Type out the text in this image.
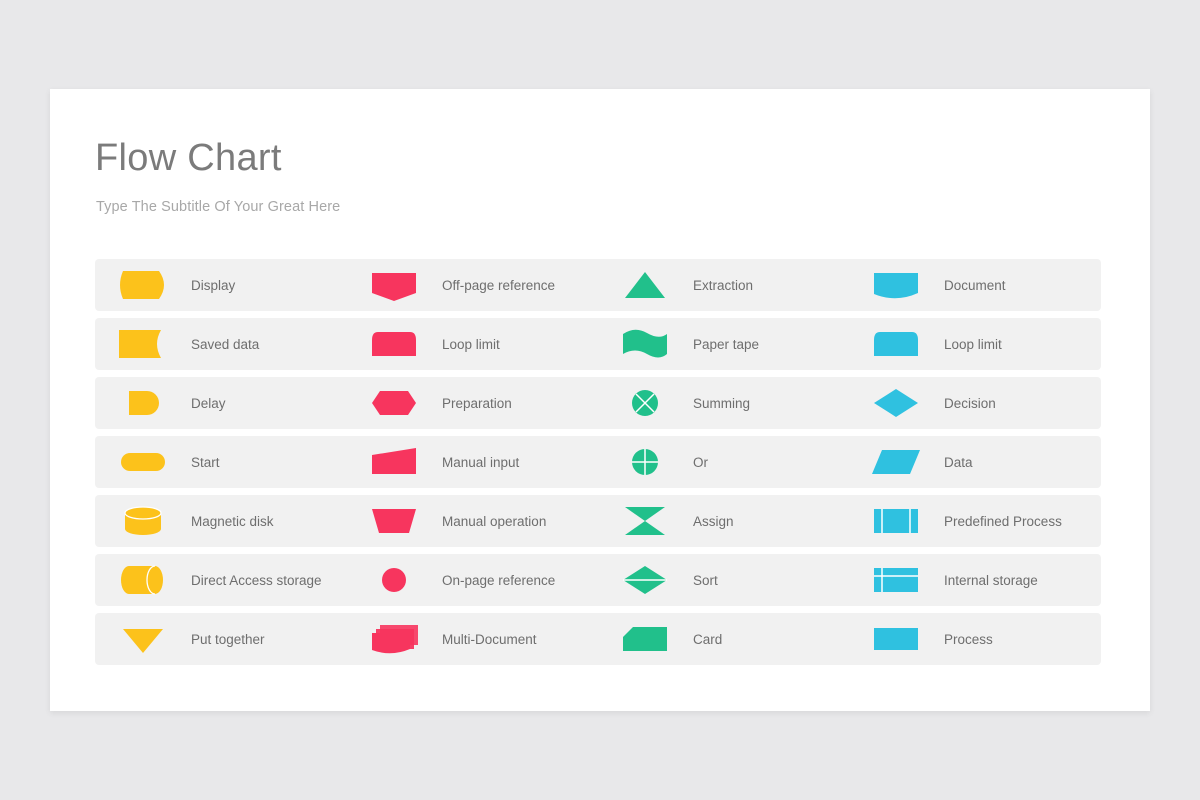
Flow Chart
Type The Subtitle Of Your Great Here
Display	Off-page reference	Extraction	Document
Saved data	Loop limit	Paper tape	Loop limit
Delay	Preparation	Summing	Decision
Start	Manual input	Or	Data
Magnetic disk	Manual operation	Assign	Predefined Process
Direct Access storage	On-page reference	Sort	Internal storage
Put together	Multi-Document	Card	Process
